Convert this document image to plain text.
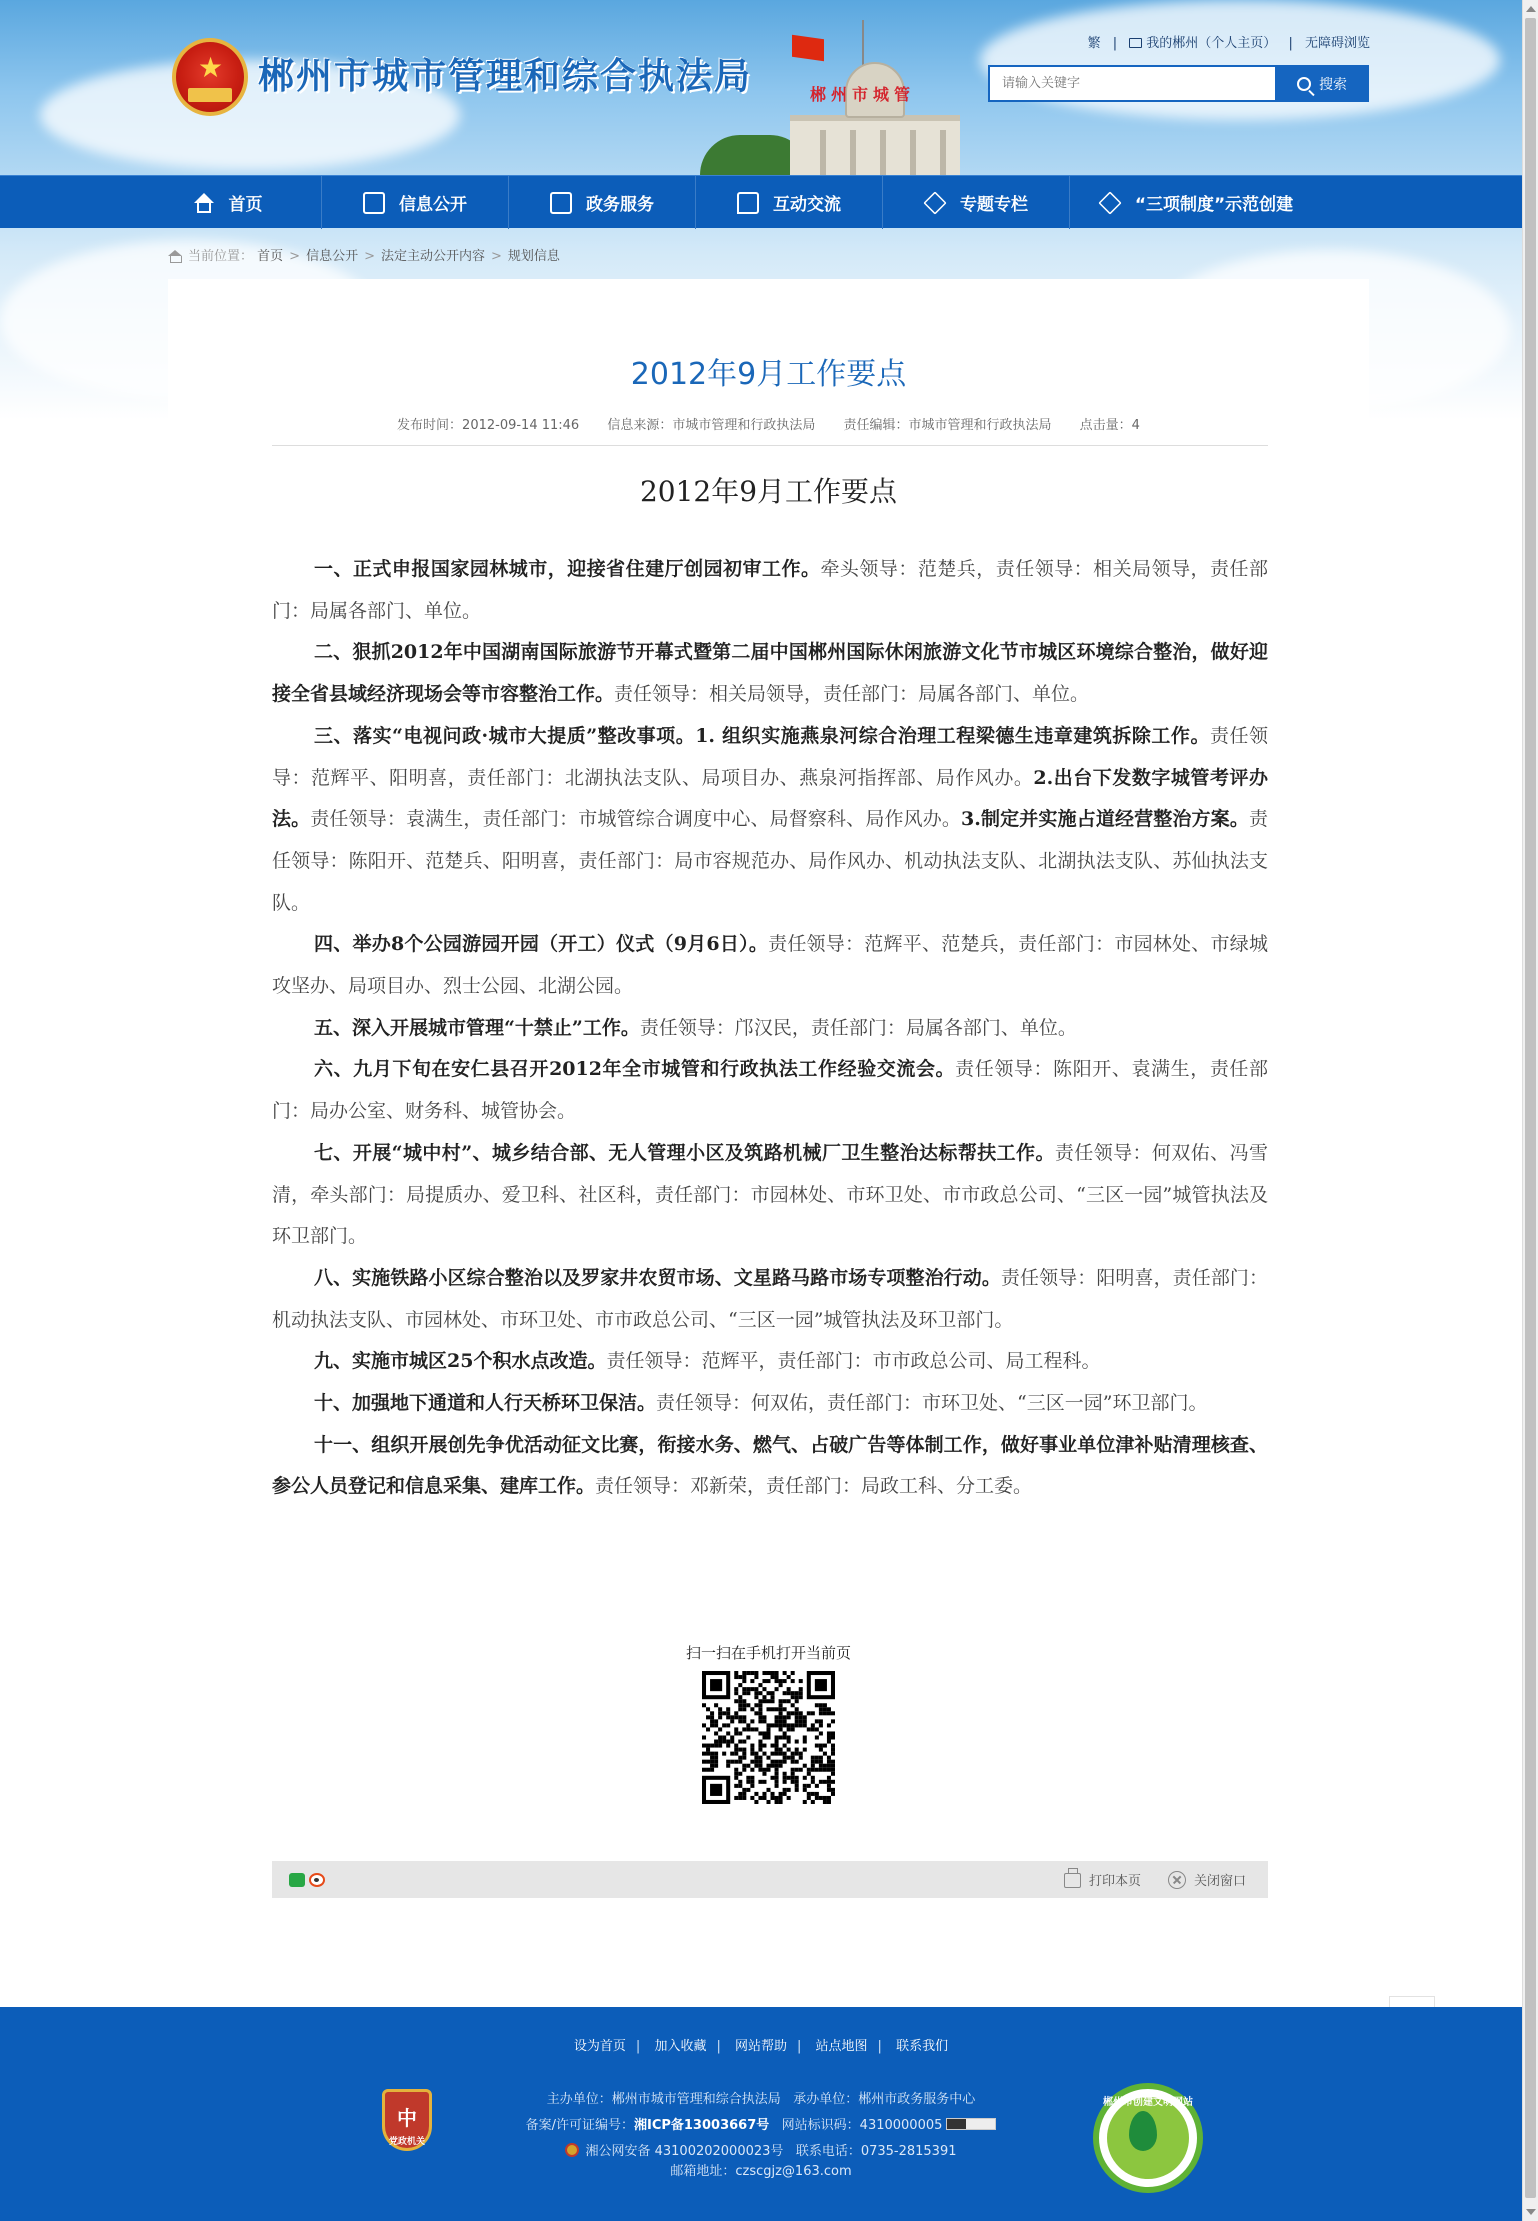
★ 郴州市城市管理和综合执法局	郴州市城管
繁 | 我的郴州（个人主页） | 无障碍浏览
请输入关键字
搜索
首页	信息公开	政务服务	互动交流	专题专栏	“三项制度”示范创建
当前位置： 首页 > 信息公开 > 法定主动公开内容 > 规划信息
2012年9月工作要点
发布时间：2012-09-14 11:46 信息来源：市城市管理和行政执法局 责任编辑：市城市管理和行政执法局 点击量：4
2012年9月工作要点

一、正式申报国家园林城市，迎接省住建厅创园初审工作。牵头领导：范楚兵，责任领导：相关局领导，责任部门：局属各部门、单位。

二、狠抓2012年中国湖南国际旅游节开幕式暨第二届中国郴州国际休闲旅游文化节市城区环境综合整治，做好迎接全省县域经济现场会等市容整治工作。责任领导：相关局领导，责任部门：局属各部门、单位。

三、落实“电视问政·城市大提质”整改事项。1. 组织实施燕泉河综合治理工程梁德生违章建筑拆除工作。责任领导：范辉平、阳明喜，责任部门：北湖执法支队、局项目办、燕泉河指挥部、局作风办。2.出台下发数字城管考评办法。责任领导：袁满生，责任部门：市城管综合调度中心、局督察科、局作风办。3.制定并实施占道经营整治方案。责任领导：陈阳开、范楚兵、阳明喜，责任部门：局市容规范办、局作风办、机动执法支队、北湖执法支队、苏仙执法支队。

四、举办8个公园游园开园（开工）仪式（9月6日）。责任领导：范辉平、范楚兵，责任部门：市园林处、市绿城攻坚办、局项目办、烈士公园、北湖公园。

五、深入开展城市管理“十禁止”工作。责任领导：邝汉民，责任部门：局属各部门、单位。

六、九月下旬在安仁县召开2012年全市城管和行政执法工作经验交流会。责任领导：陈阳开、袁满生，责任部门：局办公室、财务科、城管协会。

七、开展“城中村”、城乡结合部、无人管理小区及筑路机械厂卫生整治达标帮扶工作。责任领导：何双佑、冯雪清，牵头部门：局提质办、爱卫科、社区科，责任部门：市园林处、市环卫处、市市政总公司、“三区一园”城管执法及环卫部门。

八、实施铁路小区综合整治以及罗家井农贸市场、文星路马路市场专项整治行动。责任领导：阳明喜，责任部门：机动执法支队、市园林处、市环卫处、市市政总公司、“三区一园”城管执法及环卫部门。

九、实施市城区25个积水点改造。责任领导：范辉平，责任部门：市市政总公司、局工程科。

十、加强地下通道和人行天桥环卫保洁。责任领导：何双佑，责任部门：市环卫处、“三区一园”环卫部门。

十一、组织开展创先争优活动征文比赛，衔接水务、燃气、占破广告等体制工作，做好事业单位津补贴清理核查、参公人员登记和信息采集、建库工作。责任领导：邓新荣，责任部门：局政工科、分工委。

扫一扫在手机打开当前页
打印本页	关闭窗口
设为首页 | 加入收藏 | 网站帮助 | 站点地图 | 联系我们
中
党政机关
主办单位：郴州市城市管理和综合执法局 承办单位：郴州市政务服务中心
备案/许可证编号：湘ICP备13003667号 网站标识码：4310000005
湘公网安备 43100202000023号 联系电话：0735-2815391
邮箱地址：czscgjz@163.com
郴州市创建文明网站
